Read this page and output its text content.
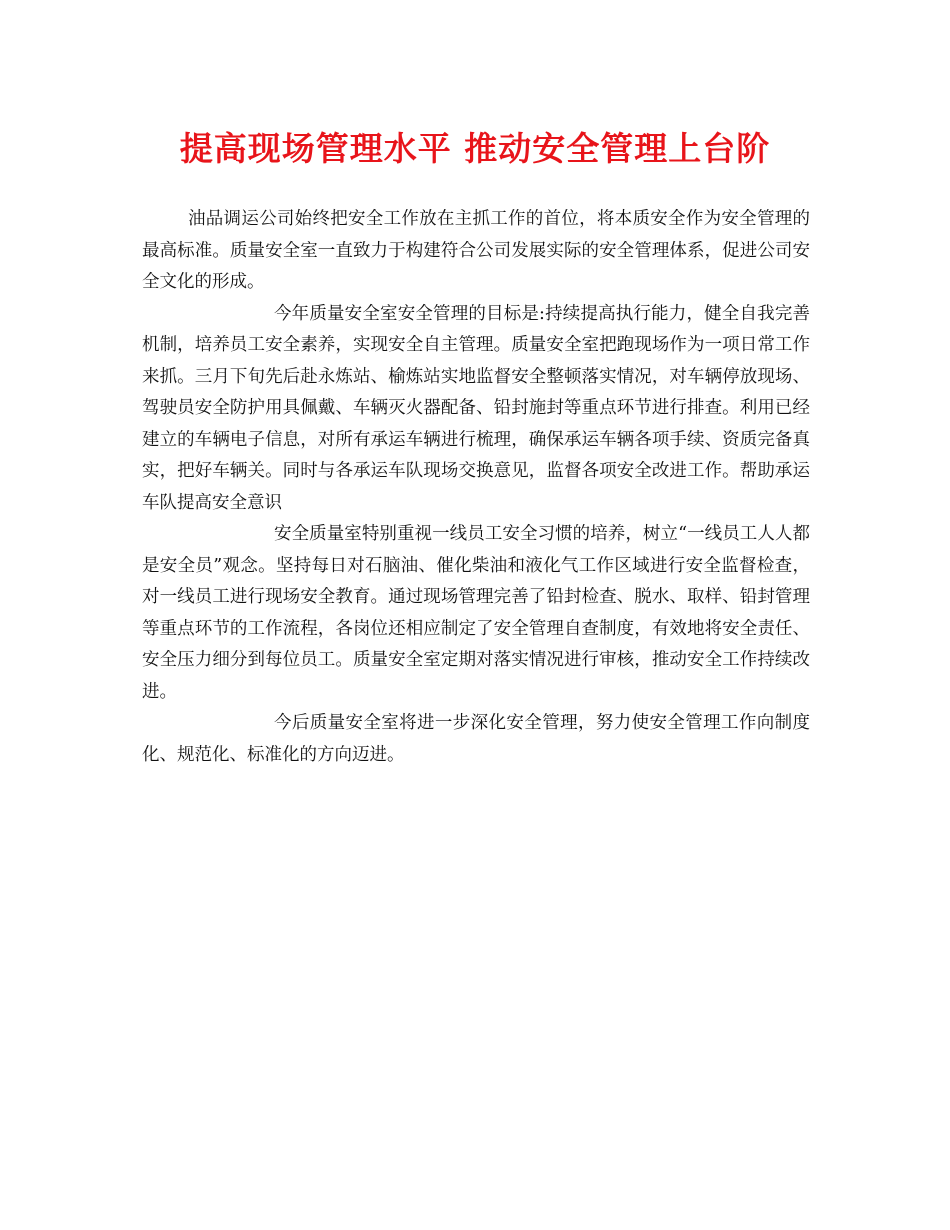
提高现场管理水平 推动安全管理上台阶

油品调运公司始终把安全工作放在主抓工作的首位，将本质安全作为安全管理的最高标准。质量安全室一直致力于构建符合公司发展实际的安全管理体系，促进公司安全文化的形成。

今年质量安全室安全管理的目标是:持续提高执行能力，健全自我完善机制，培养员工安全素养，实现安全自主管理。质量安全室把跑现场作为一项日常工作来抓。三月下旬先后赴永炼站、榆炼站实地监督安全整顿落实情况，对车辆停放现场、驾驶员安全防护用具佩戴、车辆灭火器配备、铅封施封等重点环节进行排查。利用已经建立的车辆电子信息，对所有承运车辆进行梳理，确保承运车辆各项手续、资质完备真实，把好车辆关。同时与各承运车队现场交换意见，监督各项安全改进工作。帮助承运车队提高安全意识

安全质量室特别重视一线员工安全习惯的培养，树立“一线员工人人都是安全员”观念。坚持每日对石脑油、催化柴油和液化气工作区域进行安全监督检查，对一线员工进行现场安全教育。通过现场管理完善了铅封检查、脱水、取样、铅封管理等重点环节的工作流程，各岗位还相应制定了安全管理自查制度，有效地将安全责任、安全压力细分到每位员工。质量安全室定期对落实情况进行审核，推动安全工作持续改进。

今后质量安全室将进一步深化安全管理，努力使安全管理工作向制度化、规范化、标准化的方向迈进。
